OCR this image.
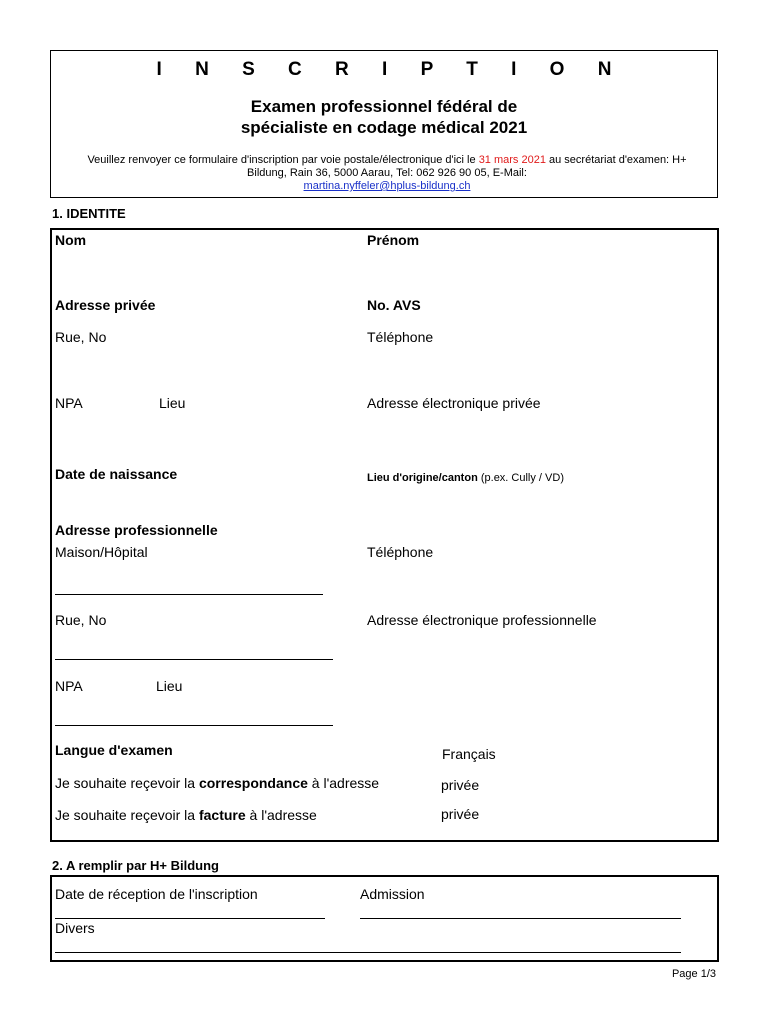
I N S C R I P T I O N
Examen professionnel fédéral de
spécialiste en codage médical 2021
Veuillez renvoyer ce formulaire d'inscription par voie postale/électronique d'ici le 31 mars 2021 au secrétariat d'examen: H+ Bildung, Rain 36, 5000 Aarau, Tel: 062 926 90 05, E-Mail:
martina.nyffeler@hplus-bildung.ch
1. IDENTITE
Nom	Prénom
Adresse privée	No. AVS
Rue, No	Téléphone
NPA	Lieu	Adresse électronique privée
Date de naissance	Lieu d'origine/canton (p.ex. Cully / VD)
Adresse professionnelle
Maison/Hôpital	Téléphone
Rue, No	Adresse électronique professionnelle
NPA	Lieu
Langue d'examen	Français
Je souhaite reçevoir la correspondance à l'adresse	privée
Je souhaite reçevoir la facture à l'adresse	privée
2. A remplir par H+ Bildung
Date de réception de l'inscription	Admission
Divers
Page 1/3
